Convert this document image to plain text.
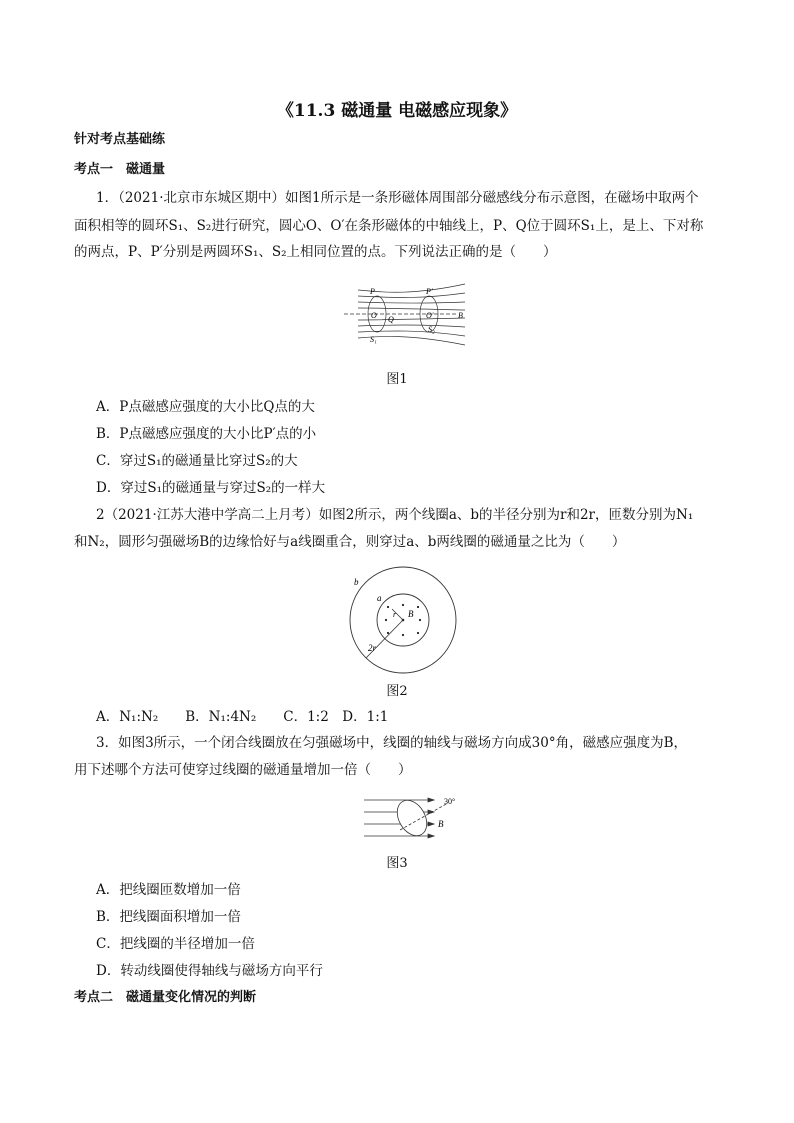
《11.3 磁通量 电磁感应现象》
针对考点基础练
考点一　磁通量
1．（2021·北京市东城区期中）如图1所示是一条形磁体周围部分磁感线分布示意图，在磁场中取两个
面积相等的圆环S₁、S₂进行研究，圆心O、O′在条形磁体的中轴线上，P、Q位于圆环S₁上，是上、下对称
的两点，P、P′分别是两圆环S₁、S₂上相同位置的点。下列说法正确的是（　　）
P	P′
O Q	O′
S₁
S₂
B
图1
A．P点磁感应强度的大小比Q点的大
B．P点磁感应强度的大小比P′点的小
C．穿过S₁的磁通量比穿过S₂的大
D．穿过S₁的磁通量与穿过S₂的一样大
2（2021·江苏大港中学高二上月考）如图2所示，两个线圈a、b的半径分别为r和2r，匝数分别为N₁
和N₂，圆形匀强磁场B的边缘恰好与a线圈重合，则穿过a、b两线圈的磁通量之比为（　　）
b
a
r B
2r
图2
A．N₁:N₂　　B．N₁:4N₂　　C．1:2　D．1:1
3．如图3所示，一个闭合线圈放在匀强磁场中，线圈的轴线与磁场方向成30°角，磁感应强度为B，
用下述哪个方法可使穿过线圈的磁通量增加一倍（　　）
30°
B
图3
A．把线圈匝数增加一倍
B．把线圈面积增加一倍
C．把线圈的半径增加一倍
D．转动线圈使得轴线与磁场方向平行
考点二　磁通量变化情况的判断
